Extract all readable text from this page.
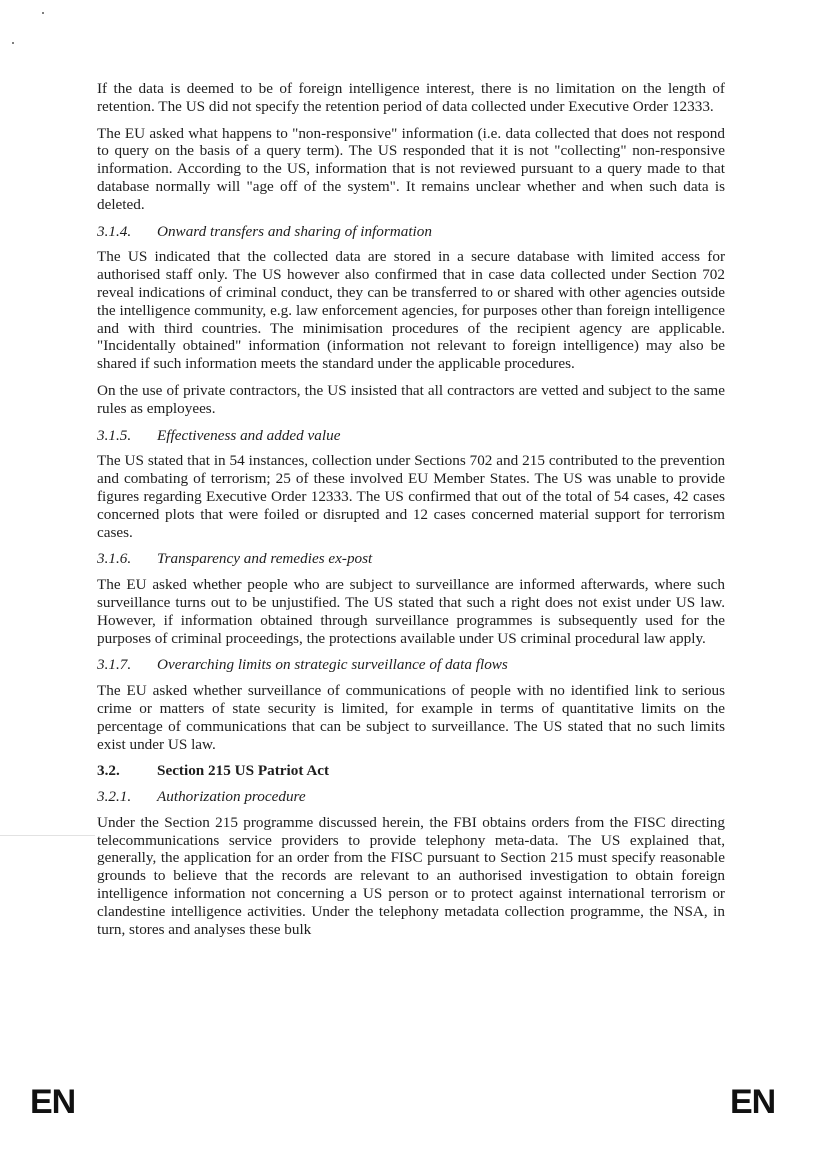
If the data is deemed to be of foreign intelligence interest, there is no limitation on the length of retention. The US did not specify the retention period of data collected under Executive Order 12333.

The EU asked what happens to "non-responsive" information (i.e. data collected that does not respond to query on the basis of a query term). The US responded that it is not "collecting" non-responsive information. According to the US, information that is not reviewed pursuant to a query made to that database normally will "age off of the system". It remains unclear whether and when such data is deleted.

3.1.4.	Onward transfers and sharing of information

The US indicated that the collected data are stored in a secure database with limited access for authorised staff only. The US however also confirmed that in case data collected under Section 702 reveal indications of criminal conduct, they can be transferred to or shared with other agencies outside the intelligence community, e.g. law enforcement agencies, for purposes other than foreign intelligence and with third countries. The minimisation procedures of the recipient agency are applicable. "Incidentally obtained" information (information not relevant to foreign intelligence) may also be shared if such information meets the standard under the applicable procedures.

On the use of private contractors, the US insisted that all contractors are vetted and subject to the same rules as employees.

3.1.5.	Effectiveness and added value

The US stated that in 54 instances, collection under Sections 702 and 215 contributed to the prevention and combating of terrorism; 25 of these involved EU Member States. The US was unable to provide figures regarding Executive Order 12333. The US confirmed that out of the total of 54 cases, 42 cases concerned plots that were foiled or disrupted and 12 cases concerned material support for terrorism cases.

3.1.6.	Transparency and remedies ex-post

The EU asked whether people who are subject to surveillance are informed afterwards, where such surveillance turns out to be unjustified. The US stated that such a right does not exist under US law. However, if information obtained through surveillance programmes is subsequently used for the purposes of criminal proceedings, the protections available under US criminal procedural law apply.

3.1.7.	Overarching limits on strategic surveillance of data flows

The EU asked whether surveillance of communications of people with no identified link to serious crime or matters of state security is limited, for example in terms of quantitative limits on the percentage of communications that can be subject to surveillance. The US stated that no such limits exist under US law.

3.2.	Section 215 US Patriot Act
3.2.1.	Authorization procedure

Under the Section 215 programme discussed herein, the FBI obtains orders from the FISC directing telecommunications service providers to provide telephony meta-data. The US explained that, generally, the application for an order from the FISC pursuant to Section 215 must specify reasonable grounds to believe that the records are relevant to an authorised investigation to obtain foreign intelligence information not concerning a US person or to protect against international terrorism or clandestine intelligence activities. Under the telephony metadata collection programme, the NSA, in turn, stores and analyses these bulk

EN	EN
